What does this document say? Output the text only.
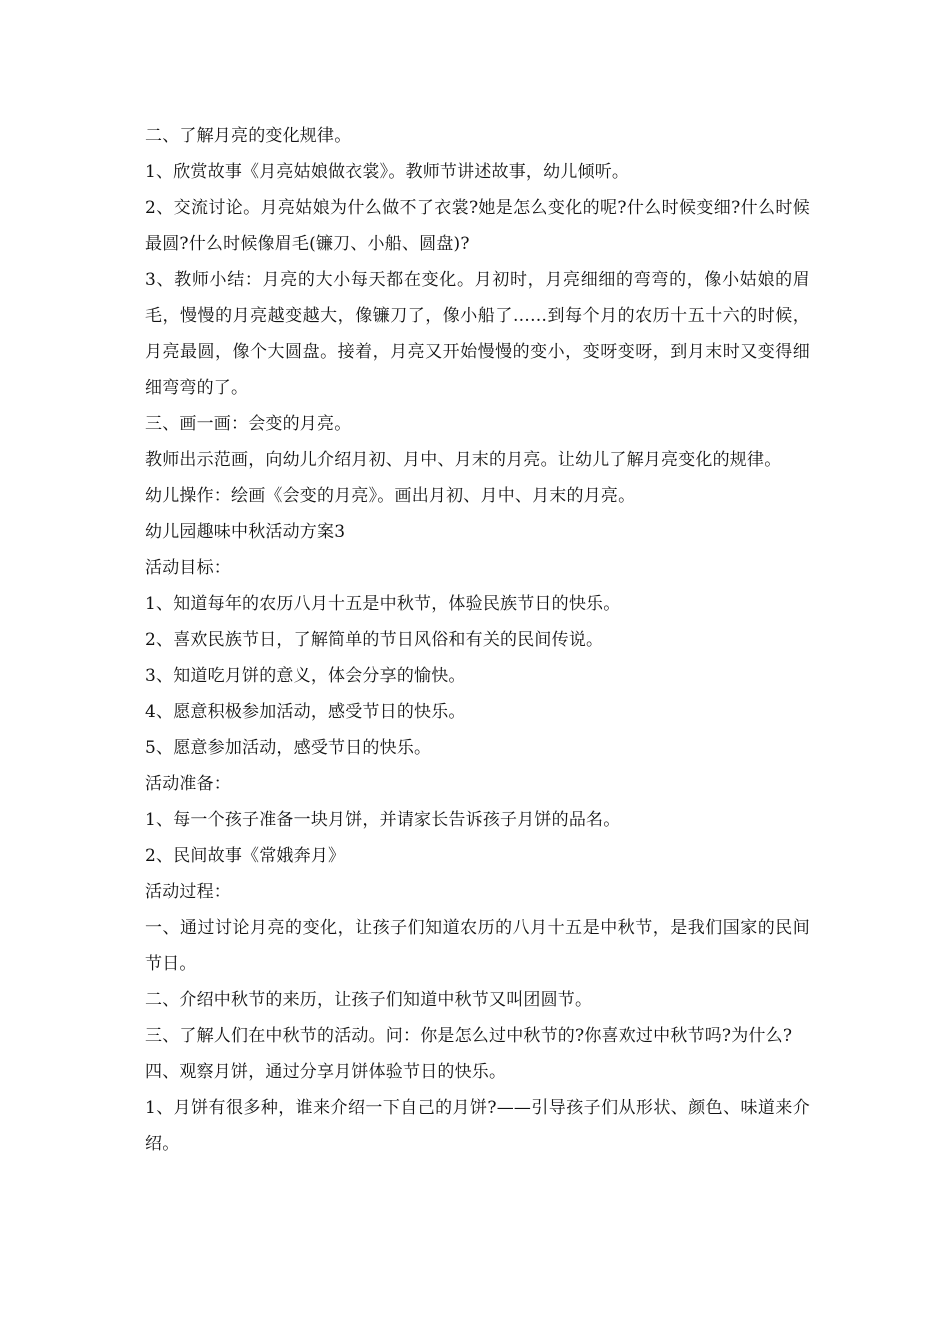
二、了解月亮的变化规律。

1、欣赏故事《月亮姑娘做衣裳》。教师节讲述故事，幼儿倾听。

2、交流讨论。月亮姑娘为什么做不了衣裳?她是怎么变化的呢?什么时候变细?什么时候最圆?什么时候像眉毛(镰刀、小船、圆盘)?

3、教师小结：月亮的大小每天都在变化。月初时，月亮细细的弯弯的，像小姑娘的眉毛，慢慢的月亮越变越大，像镰刀了，像小船了……到每个月的农历十五十六的时候，月亮最圆，像个大圆盘。接着，月亮又开始慢慢的变小，变呀变呀，到月末时又变得细细弯弯的了。

三、画一画：会变的月亮。

教师出示范画，向幼儿介绍月初、月中、月末的月亮。让幼儿了解月亮变化的规律。

幼儿操作：绘画《会变的月亮》。画出月初、月中、月末的月亮。

幼儿园趣味中秋活动方案3

活动目标：

1、知道每年的农历八月十五是中秋节，体验民族节日的快乐。

2、喜欢民族节日，了解简单的节日风俗和有关的民间传说。

3、知道吃月饼的意义，体会分享的愉快。

4、愿意积极参加活动，感受节日的快乐。

5、愿意参加活动，感受节日的快乐。

活动准备：

1、每一个孩子准备一块月饼，并请家长告诉孩子月饼的品名。

2、民间故事《常娥奔月》

活动过程：

一、通过讨论月亮的变化，让孩子们知道农历的八月十五是中秋节，是我们国家的民间节日。

二、介绍中秋节的来历，让孩子们知道中秋节又叫团圆节。

三、了解人们在中秋节的活动。问：你是怎么过中秋节的?你喜欢过中秋节吗?为什么?

四、观察月饼，通过分享月饼体验节日的快乐。

1、月饼有很多种，谁来介绍一下自己的月饼?——引导孩子们从形状、颜色、味道来介绍。
